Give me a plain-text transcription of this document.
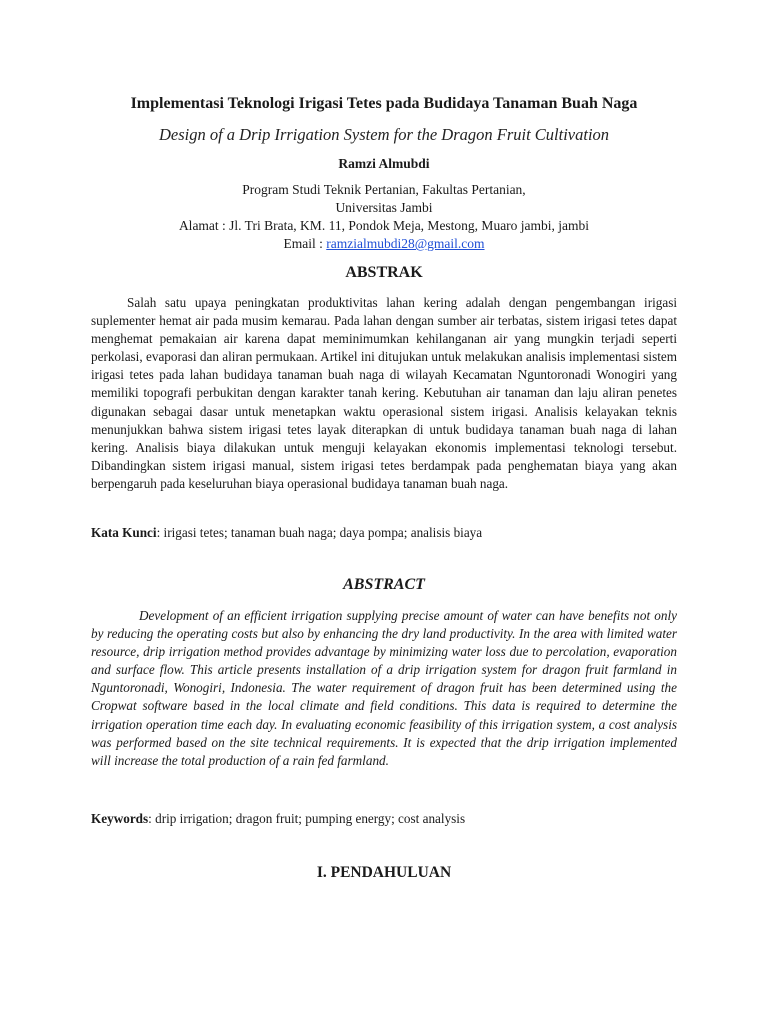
Implementasi Teknologi Irigasi Tetes pada Budidaya Tanaman Buah Naga
Design of a Drip Irrigation System for the Dragon Fruit Cultivation
Ramzi Almubdi
Program Studi Teknik Pertanian, Fakultas Pertanian,
Universitas Jambi
Alamat : Jl. Tri Brata, KM. 11, Pondok Meja, Mestong, Muaro jambi, jambi
Email : ramzialmubdi28@gmail.com
ABSTRAK
Salah satu upaya peningkatan produktivitas lahan kering adalah dengan pengembangan irigasi suplementer hemat air pada musim kemarau. Pada lahan dengan sumber air terbatas, sistem irigasi tetes dapat menghemat pemakaian air karena dapat meminimumkan kehilanganan air yang mungkin terjadi seperti perkolasi, evaporasi dan aliran permukaan. Artikel ini ditujukan untuk melakukan analisis implementasi sistem irigasi tetes pada lahan budidaya tanaman buah naga di wilayah Kecamatan Nguntoronadi Wonogiri yang memiliki topografi perbukitan dengan karakter tanah kering. Kebutuhan air tanaman dan laju aliran penetes digunakan sebagai dasar untuk menetapkan waktu operasional sistem irigasi. Analisis kelayakan teknis menunjukkan bahwa sistem irigasi tetes layak diterapkan di untuk budidaya tanaman buah naga di lahan kering. Analisis biaya dilakukan untuk menguji kelayakan ekonomis implementasi teknologi tersebut. Dibandingkan sistem irigasi manual, sistem irigasi tetes berdampak pada penghematan biaya yang akan berpengaruh pada keseluruhan biaya operasional budidaya tanaman buah naga.
Kata Kunci: irigasi tetes; tanaman buah naga; daya pompa; analisis biaya
ABSTRACT
Development of an efficient irrigation supplying precise amount of water can have benefits not only by reducing the operating costs but also by enhancing the dry land productivity. In the area with limited water resource, drip irrigation method provides advantage by minimizing water loss due to percolation, evaporation and surface flow. This article presents installation of a drip irrigation system for dragon fruit farmland in Nguntoronadi, Wonogiri, Indonesia. The water requirement of dragon fruit has been determined using the Cropwat software based in the local climate and field conditions. This data is required to determine the irrigation operation time each day. In evaluating economic feasibility of this irrigation system, a cost analysis was performed based on the site technical requirements. It is expected that the drip irrigation implemented will increase the total production of a rain fed farmland.
Keywords: drip irrigation; dragon fruit; pumping energy; cost analysis
I. PENDAHULUAN
